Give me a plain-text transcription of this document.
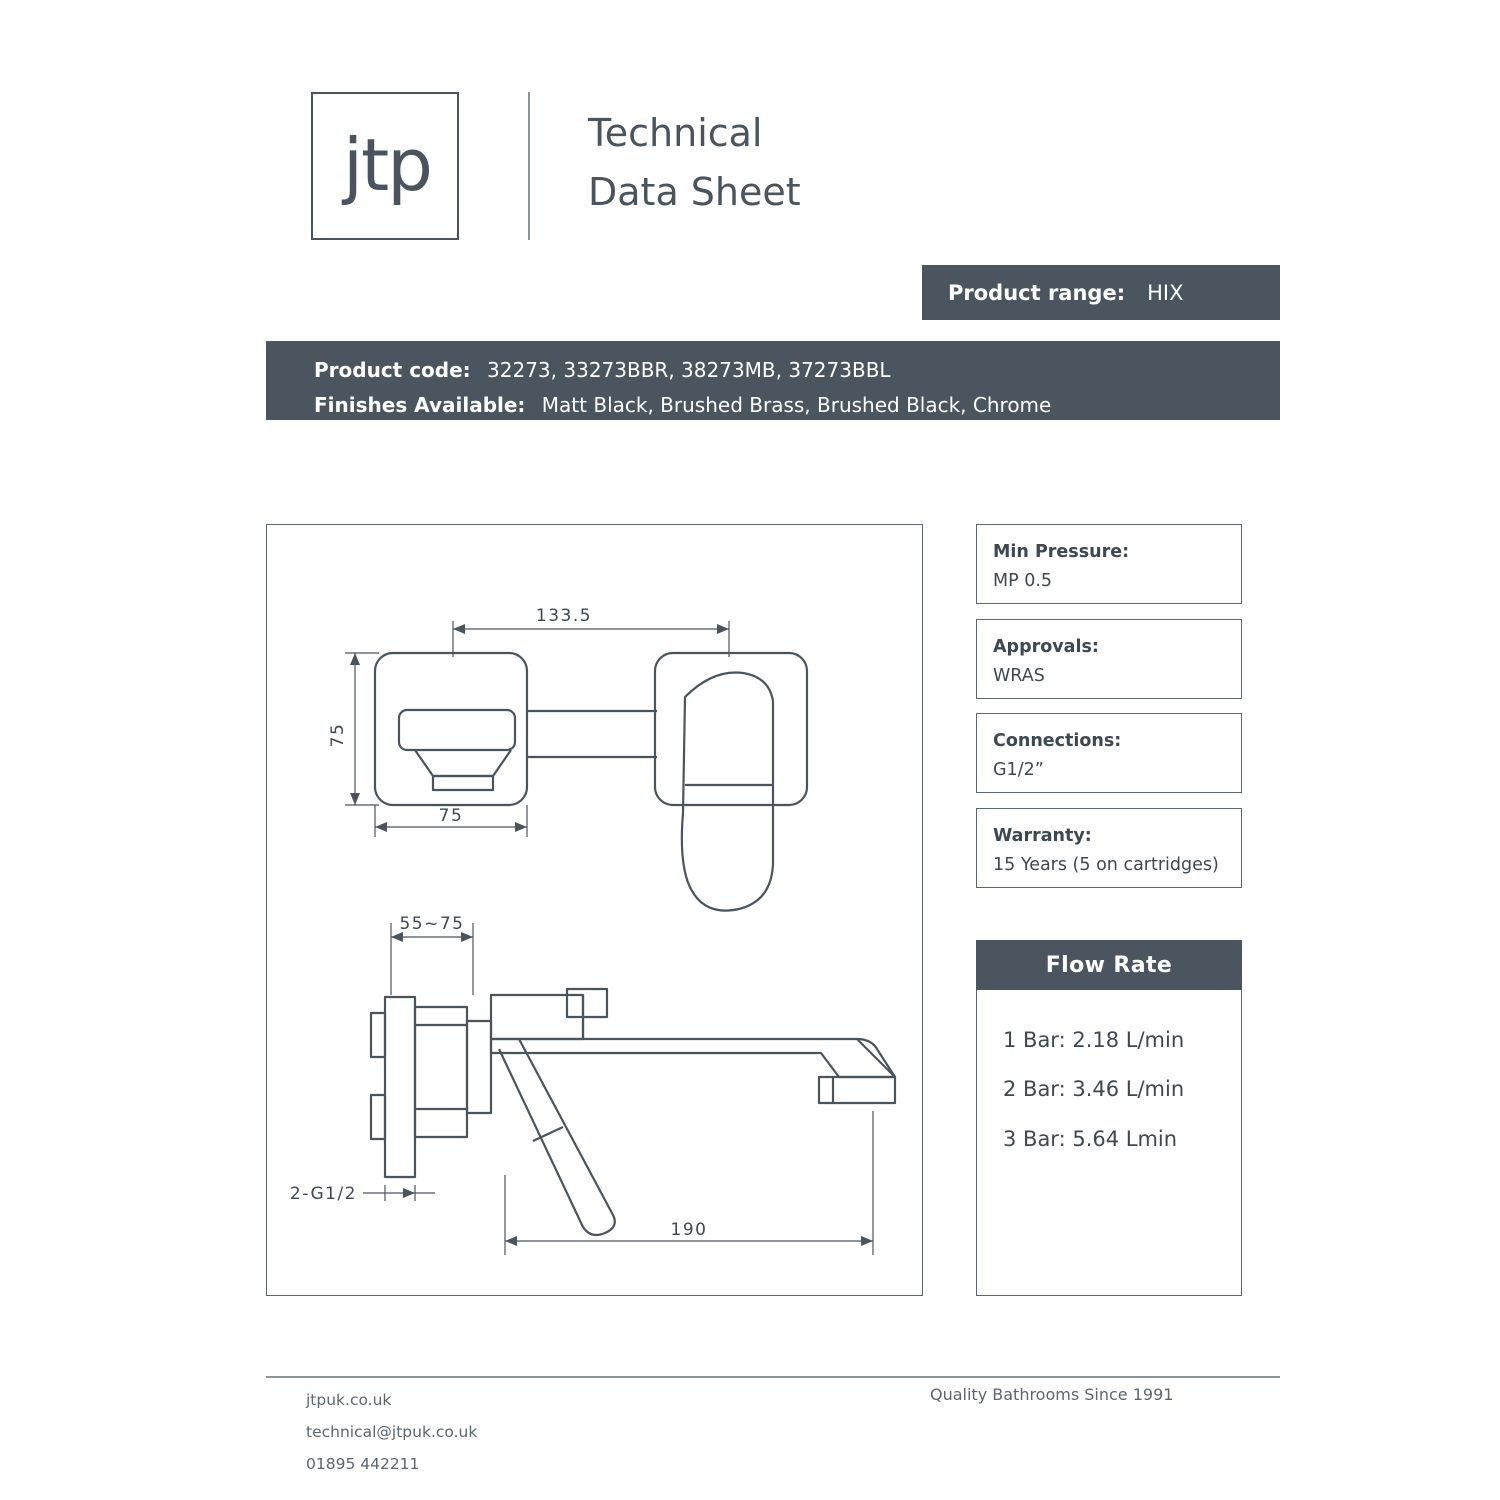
jtp	Technical
Data Sheet
Product range: HIX
Product code: 32273, 33273BBR, 38273MB, 37273BBL
Finishes Available: Matt Black, Brushed Brass, Brushed Black, Chrome
133.5
75
75
55~75
2-G1/2
190
Min Pressure:
MP 0.5
Approvals:
WRAS
Connections:
G1/2”
Warranty:
15 Years (5 on cartridges)
Flow Rate
1 Bar: 2.18 L/min
2 Bar: 3.46 L/min
3 Bar: 5.64 Lmin
jtpuk.co.uk
technical@jtpuk.co.uk
01895 442211
Quality Bathrooms Since 1991
